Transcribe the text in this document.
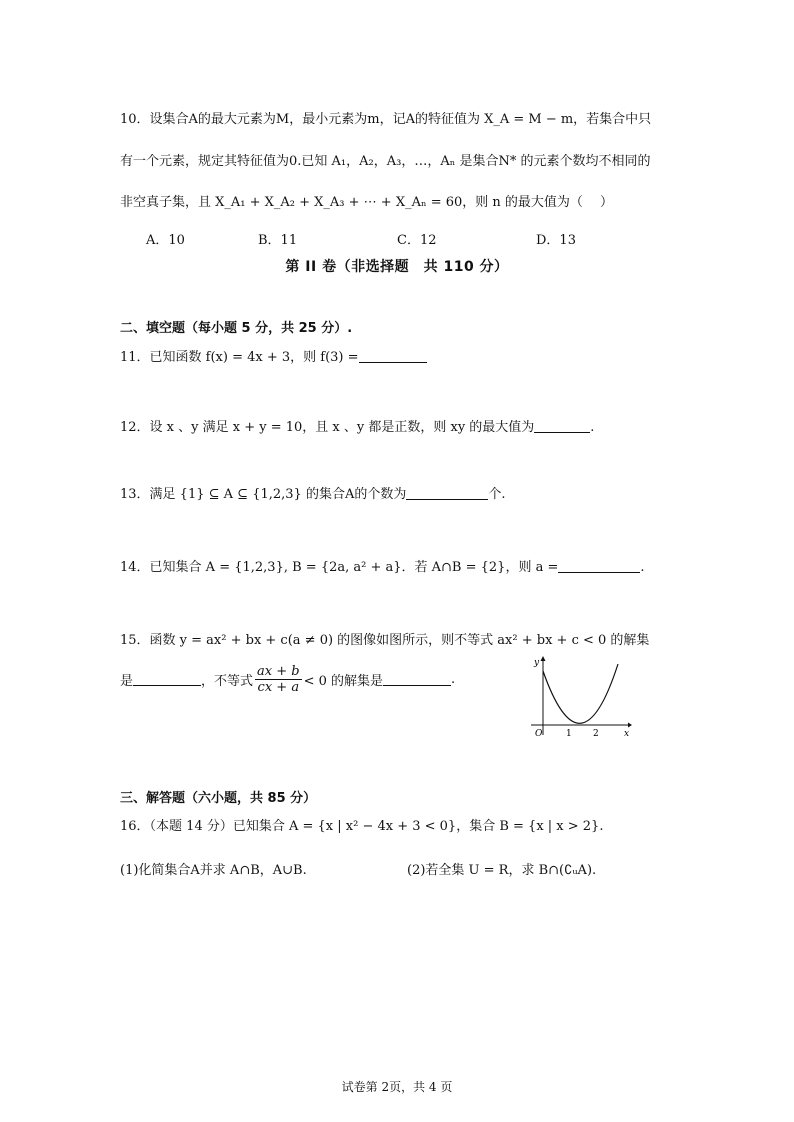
10．设集合A的最大元素为M，最小元素为m，记A的特征值为 X_A = M − m，若集合中只
有一个元素，规定其特征值为0.已知 A₁，A₂，A₃，…，Aₙ 是集合N* 的元素个数均不相同的
非空真子集，且 X_A₁ + X_A₂ + X_A₃ + ⋯ + X_Aₙ = 60，则 n 的最大值为（　 ）
A．10	B．11	C．12	D．13
第 II 卷（非选择题　共 110 分）
二、填空题（每小题 5 分，共 25 分）.
11．已知函数 f(x) = 4x + 3，则 f(3) =
12．设 x 、y 满足 x + y = 10，且 x 、y 都是正数，则 xy 的最大值为	.
13．满足 {1} ⊆ A ⊆ {1,2,3} 的集合A的个数为	个.
14．已知集合 A = {1,2,3}, B = {2a, a² + a}．若 A∩B = {2}，则 a =	.
15．函数 y = ax² + bx + c(a ≠ 0) 的图像如图所示，则不等式 ax² + bx + c < 0 的解集
是	，不等式 $\frac{ax + b}{cx + a} < 0$ 的解集是	.
y
x
O	1 2
三、解答题（六小题，共 85 分）
16．（本题 14 分）已知集合 A = {x | x² − 4x + 3 < 0}，集合 B = {x | x > 2}.
(1)化简集合A并求 A∩B，A∪B.	(2)若全集 U = R，求 B∩(∁ᵤA).
试卷第 2页，共 4 页
